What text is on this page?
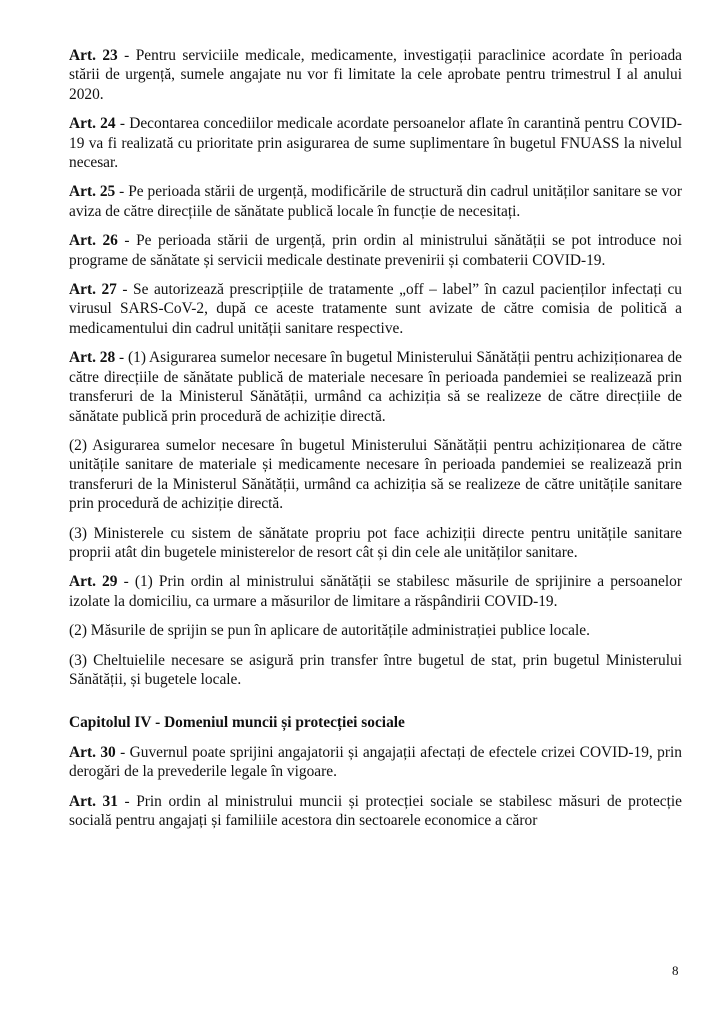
Art. 23 - Pentru serviciile medicale, medicamente, investigații paraclinice acordate în perioada stării de urgență, sumele angajate nu vor fi limitate la cele aprobate pentru trimestrul I al anului 2020.

Art. 24 - Decontarea concediilor medicale acordate persoanelor aflate în carantină pentru COVID-19 va fi realizată cu prioritate prin asigurarea de sume suplimentare în bugetul FNUASS la nivelul necesar.

Art. 25 - Pe perioada stării de urgență, modificările de structură din cadrul unităților sanitare se vor aviza de către direcțiile de sănătate publică locale în funcție de necesitați.

Art. 26 - Pe perioada stării de urgență, prin ordin al ministrului sănătății se pot introduce noi programe de sănătate și servicii medicale destinate prevenirii și combaterii COVID-19.

Art. 27 - Se autorizează prescripțiile de tratamente „off – label” în cazul pacienților infectați cu virusul SARS-CoV-2, după ce aceste tratamente sunt avizate de către comisia de politică a medicamentului din cadrul unității sanitare respective.

Art. 28 - (1) Asigurarea sumelor necesare în bugetul Ministerului Sănătății pentru achiziționarea de către direcțiile de sănătate publică de materiale necesare în perioada pandemiei se realizează prin transferuri de la Ministerul Sănătății, urmând ca achiziția să se realizeze de către direcțiile de sănătate publică prin procedură de achiziție directă.

(2) Asigurarea sumelor necesare în bugetul Ministerului Sănătății pentru achiziționarea de către unitățile sanitare de materiale și medicamente necesare în perioada pandemiei se realizează prin transferuri de la Ministerul Sănătății, urmând ca achiziția să se realizeze de către unitățile sanitare prin procedură de achiziție directă.

(3) Ministerele cu sistem de sănătate propriu pot face achiziții directe pentru unitățile sanitare proprii atât din bugetele ministerelor de resort cât și din cele ale unităților sanitare.

Art. 29 - (1) Prin ordin al ministrului sănătății se stabilesc măsurile de sprijinire a persoanelor izolate la domiciliu, ca urmare a măsurilor de limitare a răspândirii COVID-19.

(2) Măsurile de sprijin se pun în aplicare de autoritățile administrației publice locale.

(3) Cheltuielile necesare se asigură prin transfer între bugetul de stat, prin bugetul Ministerului Sănătății, și bugetele locale.

Capitolul IV - Domeniul muncii și protecției sociale

Art. 30 - Guvernul poate sprijini angajatorii și angajații afectați de efectele crizei COVID-19, prin derogări de la prevederile legale în vigoare.

Art. 31 - Prin ordin al ministrului muncii și protecției sociale se stabilesc măsuri de protecție socială pentru angajați și familiile acestora din sectoarele economice a căror

8
